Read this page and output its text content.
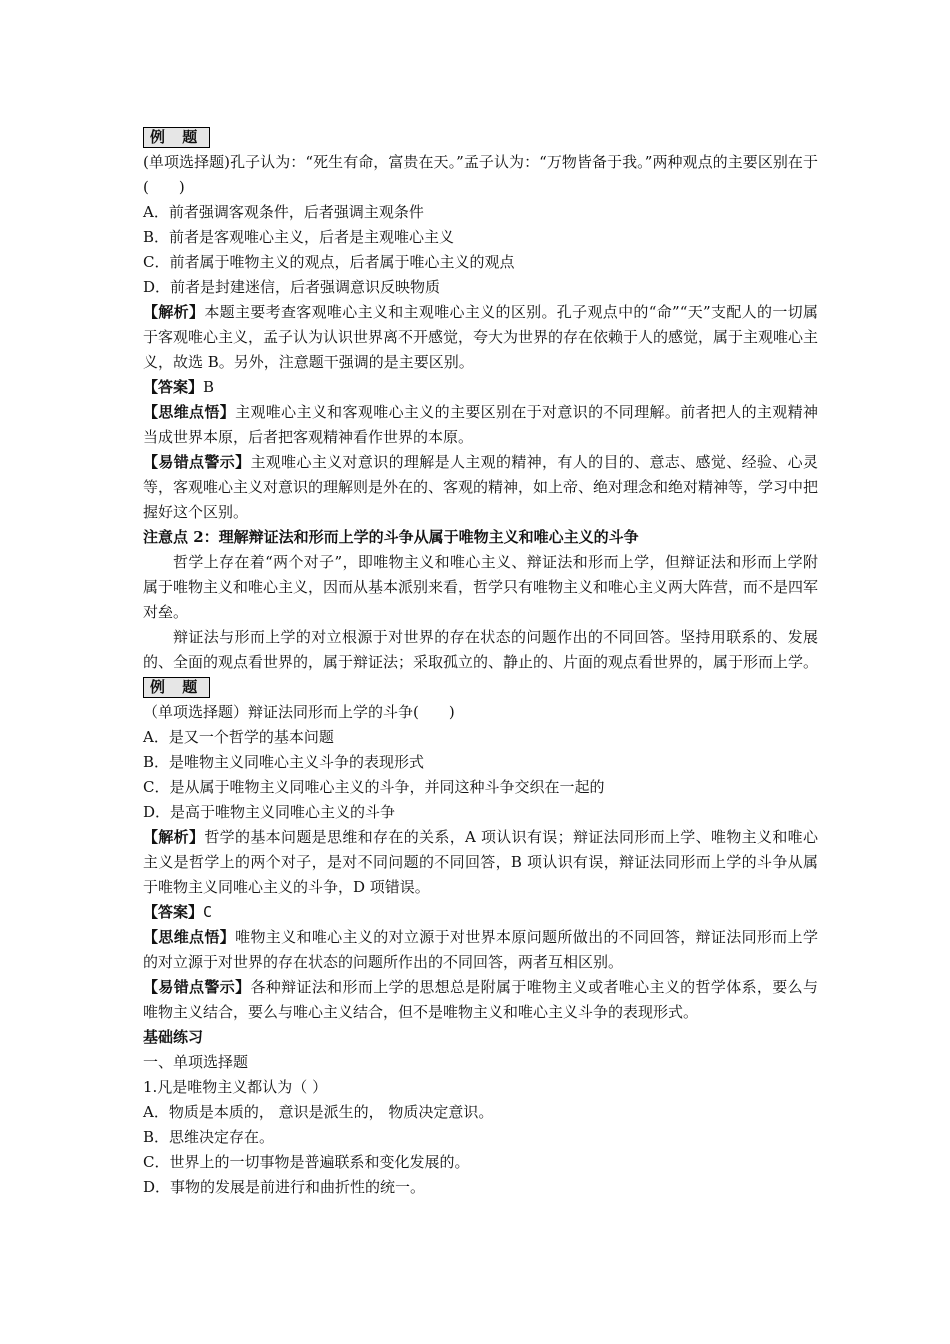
例 题
(单项选择题)孔子认为：“死生有命，富贵在天。”孟子认为：“万物皆备于我。”两种观点的主要区别在于(　　)
A．前者强调客观条件，后者强调主观条件
B．前者是客观唯心主义，后者是主观唯心主义
C．前者属于唯物主义的观点，后者属于唯心主义的观点
D．前者是封建迷信，后者强调意识反映物质
【解析】本题主要考查客观唯心主义和主观唯心主义的区别。孔子观点中的“命”“天”支配人的一切属于客观唯心主义，孟子认为认识世界离不开感觉，夸大为世界的存在依赖于人的感觉，属于主观唯心主义，故选 B。另外，注意题干强调的是主要区别。
【答案】B
【思维点悟】主观唯心主义和客观唯心主义的主要区别在于对意识的不同理解。前者把人的主观精神当成世界本原，后者把客观精神看作世界的本原。
【易错点警示】主观唯心主义对意识的理解是人主观的精神，有人的目的、意志、感觉、经验、心灵等，客观唯心主义对意识的理解则是外在的、客观的精神，如上帝、绝对理念和绝对精神等，学习中把握好这个区别。
注意点 2：理解辩证法和形而上学的斗争从属于唯物主义和唯心主义的斗争
哲学上存在着“两个对子”，即唯物主义和唯心主义、辩证法和形而上学，但辩证法和形而上学附属于唯物主义和唯心主义，因而从基本派别来看，哲学只有唯物主义和唯心主义两大阵营，而不是四军对垒。
辩证法与形而上学的对立根源于对世界的存在状态的问题作出的不同回答。坚持用联系的、发展的、全面的观点看世界的，属于辩证法；采取孤立的、静止的、片面的观点看世界的，属于形而上学。
例 题
（单项选择题）辩证法同形而上学的斗争(　　)
A．是又一个哲学的基本问题
B．是唯物主义同唯心主义斗争的表现形式
C．是从属于唯物主义同唯心主义的斗争，并同这种斗争交织在一起的
D．是高于唯物主义同唯心主义的斗争
【解析】哲学的基本问题是思维和存在的关系，A 项认识有误；辩证法同形而上学、唯物主义和唯心主义是哲学上的两个对子，是对不同问题的不同回答，B 项认识有误，辩证法同形而上学的斗争从属于唯物主义同唯心主义的斗争，D 项错误。
【答案】C
【思维点悟】唯物主义和唯心主义的对立源于对世界本原问题所做出的不同回答，辩证法同形而上学的对立源于对世界的存在状态的问题所作出的不同回答，两者互相区别。
【易错点警示】各种辩证法和形而上学的思想总是附属于唯物主义或者唯心主义的哲学体系，要么与唯物主义结合，要么与唯心主义结合，但不是唯物主义和唯心主义斗争的表现形式。
基础练习
一、单项选择题
1.凡是唯物主义都认为（ ）
A．物质是本质的， 意识是派生的， 物质决定意识。
B．思维决定存在。
C．世界上的一切事物是普遍联系和变化发展的。
D．事物的发展是前进行和曲折性的统一。
